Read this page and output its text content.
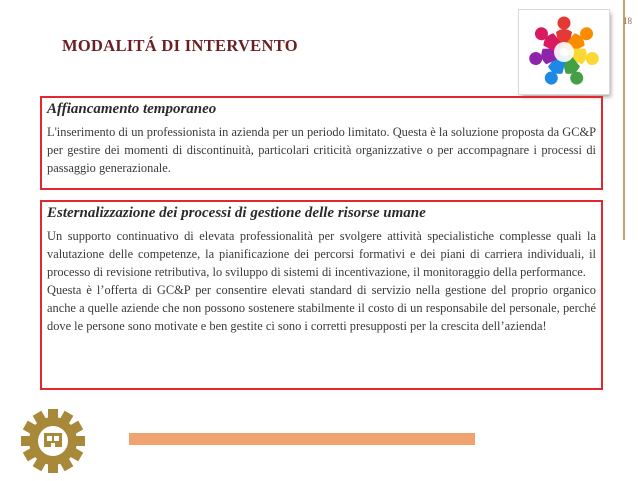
18
MODALITÁ DI INTERVENTO

Affiancamento temporaneo

L'inserimento di un professionista in azienda per un periodo limitato. Questa è la soluzione proposta da GC&P per gestire dei momenti di discontinuità, particolari criticità organizzative o per accompagnare i processi di passaggio generazionale.

Esternalizzazione dei processi di gestione delle risorse umane

Un supporto continuativo di elevata professionalità per svolgere attività specialistiche complesse quali la valutazione delle competenze, la pianificazione dei percorsi formativi e dei piani di carriera individuali, il processo di revisione retributiva, lo sviluppo di sistemi di incentivazione, il monitoraggio della performance.

Questa è l’offerta di GC&P per consentire elevati standard di servizio nella gestione del proprio organico anche a quelle aziende che non possono sostenere stabilmente il costo di un responsabile del personale, perché dove le persone sono motivate e ben gestite ci sono i corretti presupposti per la crescita dell’azienda!
